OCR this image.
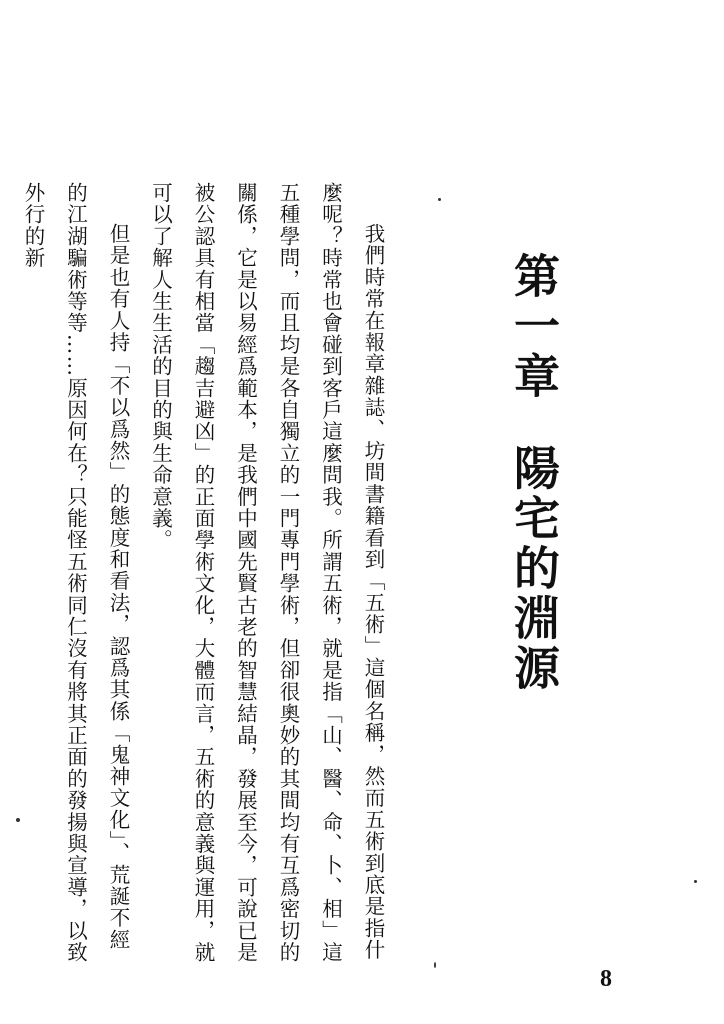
第一章陽宅的淵源

我們時常在報章雜誌、坊間書籍看到「五術」這個名稱，然而五術到底是指什麼呢？時常也會碰到客戶這麼問我。所謂五術，就是指「山、醫、命、卜、相」這五種學問，而且均是各自獨立的一門專門學術，但卻很奧妙的其間均有互爲密切的關係，它是以易經爲範本，是我們中國先賢古老的智慧結晶，發展至今，可說已是被公認具有相當「趨吉避凶」的正面學術文化，大體而言，五術的意義與運用，就可以了解人生生活的目的與生命意義。

但是也有人持「不以爲然」的態度和看法，認爲其係「鬼神文化」、荒誕不經的江湖騙術等等……原因何在？只能怪五術同仁沒有將其正面的發揚與宣導，以致外行的新

8
